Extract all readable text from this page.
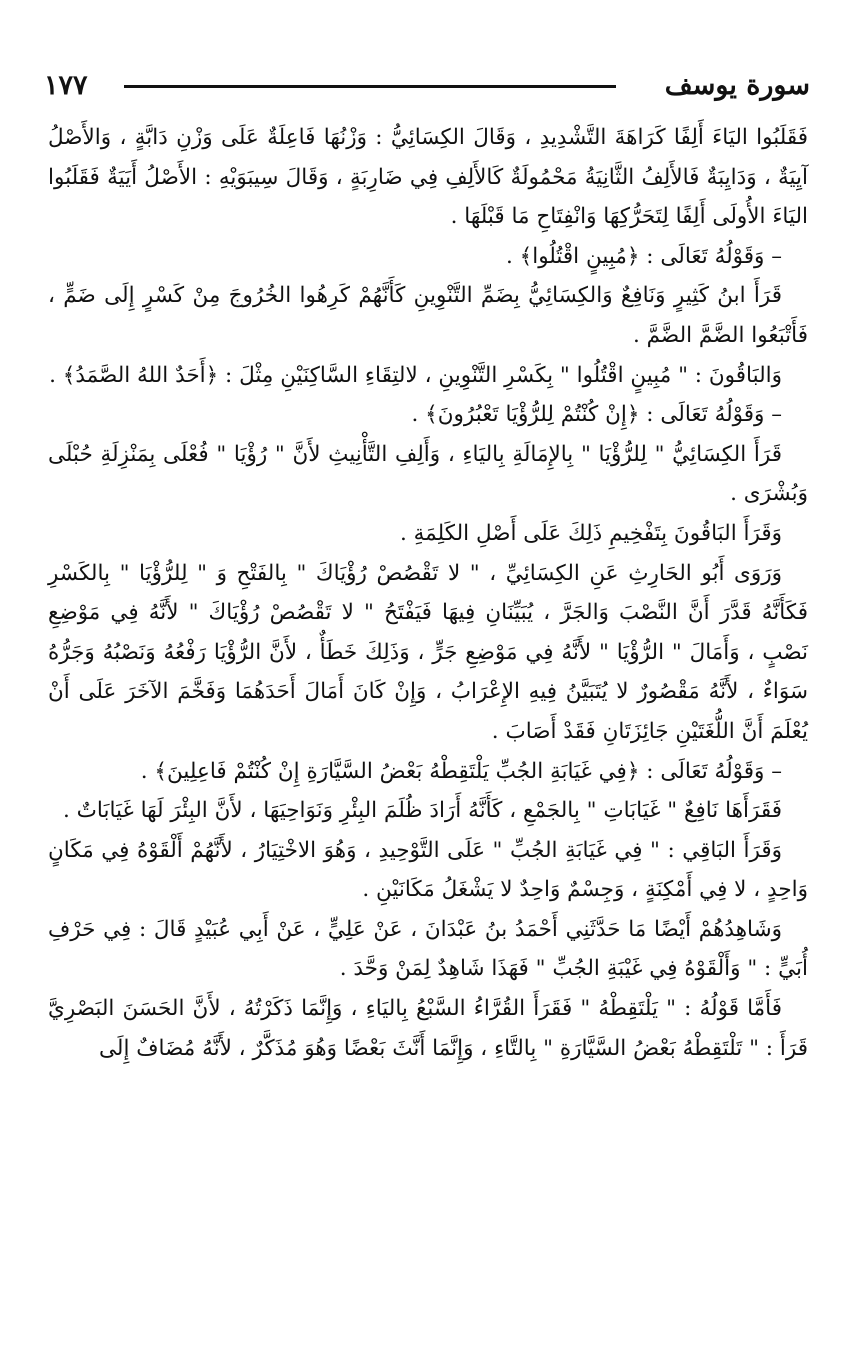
١٧٧	سورة يوسف

فَقَلَبُوا اليَاءَ أَلِفًا كَرَاهَةَ التَّشْدِيدِ ، وَقَالَ الكِسَائِيُّ : وَزْنُهَا فَاعِلَةٌ عَلَى وَزْنِ دَابَّةٍ ، وَالأَصْلُ آيِيَةٌ ، وَدَايِبَةٌ فَالأَلِفُ الثَّانِيَةُ مَحْمُولَةٌ كَالأَلِفِ فِي ضَارِبَةٍ ، وَقَالَ سِيبَوَيْهِ : الأَصْلُ أَيَيَةٌ فَقَلَبُوا اليَاءَ الأُولَى أَلِفًا لِتَحَرُّكِهَا وَانْفِتَاحِ مَا قَبْلَهَا .

– وَقَوْلُهُ تَعَالَى : ﴿مُبِينٍ اقْتُلُوا﴾ .

قَرَأَ ابنُ كَثِيرٍ وَنَافِعٌ وَالكِسَائِيُّ بِضَمِّ التَّنْوِينِ كَأَنَّهُمْ كَرِهُوا الخُرُوجَ مِنْ كَسْرٍ إِلَى ضَمٍّ ، فَأَتْبَعُوا الضَّمَّ الضَّمَّ .

وَالبَاقُونَ : " مُبِينٍ اقْتُلُوا " بِكَسْرِ التَّنْوِينِ ، لالتِقَاءِ السَّاكِنَيْنِ مِثْلَ : ﴿أَحَدٌ اللهُ الصَّمَدُ﴾ .

– وَقَوْلُهُ تَعَالَى : ﴿إِنْ كُنْتُمْ لِلرُّؤْيَا تَعْبُرُونَ﴾ .

قَرَأَ الكِسَائِيُّ " لِلرُّؤْيَا " بِالإِمَالَةِ بِاليَاءِ ، وَأَلِفِ التَّأْنِيثِ لأَنَّ " رُؤْيَا " فُعْلَى بِمَنْزِلَةِ حُبْلَى وَبُشْرَى .

وَقَرَأَ البَاقُونَ بِتَفْخِيمِ ذَلِكَ عَلَى أَصْلِ الكَلِمَةِ .

وَرَوَى أَبُو الحَارِثِ عَنِ الكِسَائِيِّ ، " لا تَقْصُصْ رُؤْيَاكَ " بِالفَتْحِ وَ " لِلرُّؤْيَا " بِالكَسْرِ فَكَأَنَّهُ قَدَّرَ أَنَّ النَّصْبَ وَالجَرَّ ، يُبَيِّنَانِ فِيهَا فَيَفْتَحُ " لا تَقْصُصْ رُؤْيَاكَ " لأَنَّهُ فِي مَوْضِعِ نَصْبٍ ، وَأَمَالَ " الرُّؤْيَا " لأَنَّهُ فِي مَوْضِعِ جَرٍّ ، وَذَلِكَ خَطَأٌ ، لأَنَّ الرُّؤْيَا رَفْعُهُ وَنَصْبُهُ وَجَرُّهُ سَوَاءٌ ، لأَنَّهُ مَقْصُورٌ لا يُتَبَيَّنُ فِيهِ الإِعْرَابُ ، وَإِنْ كَانَ أَمَالَ أَحَدَهُمَا وَفَخَّمَ الآخَرَ عَلَى أَنْ يُعْلَمَ أَنَّ اللُّغَتَيْنِ جَائِزَتَانِ فَقَدْ أَصَابَ .

– وَقَوْلُهُ تَعَالَى : ﴿فِي غَيَابَةِ الجُبِّ يَلْتَقِطْهُ بَعْضُ السَّيَّارَةِ إِنْ كُنْتُمْ فَاعِلِينَ﴾ .

فَقَرَأَهَا نَافِعٌ " غَيَابَاتِ " بِالجَمْعِ ، كَأَنَّهُ أَرَادَ ظُلَمَ البِئْرِ وَنَوَاحِيَهَا ، لأَنَّ البِئْرَ لَهَا غَيَابَاتٌ .

وَقَرَأَ البَاقِي : " فِي غَيَابَةِ الجُبِّ " عَلَى التَّوْحِيدِ ، وَهُوَ الاخْتِيَارُ ، لأَنَّهُمْ أَلْقَوْهُ فِي مَكَانٍ وَاحِدٍ ، لا فِي أَمْكِنَةٍ ، وَجِسْمٌ وَاحِدٌ لا يَشْغَلُ مَكَانَيْنِ .

وَشَاهِدُهُمْ أَيْضًا مَا حَدَّثَنِي أَحْمَدُ بنُ عَبْدَانَ ، عَنْ عَلِيٍّ ، عَنْ أَبِي عُبَيْدٍ قَالَ : فِي حَرْفِ أُبَيٍّ : " وَأَلْقَوْهُ فِي غَيْبَةِ الجُبِّ " فَهَذَا شَاهِدٌ لِمَنْ وَحَّدَ .

فَأَمَّا قَوْلُهُ : " يَلْتَقِطْهُ " فَقَرَأَ القُرَّاءُ السَّبْعُ بِاليَاءِ ، وَإِنَّمَا ذَكَرْتُهُ ، لأَنَّ الحَسَنَ البَصْرِيَّ قَرَأَ : " تَلْتَقِطْهُ بَعْضُ السَّيَّارَةِ " بِالتَّاءِ ، وَإِنَّمَا أَنَّثَ بَعْضًا وَهُوَ مُذَكَّرٌ ، لأَنَّهُ مُضَافٌ إِلَى
